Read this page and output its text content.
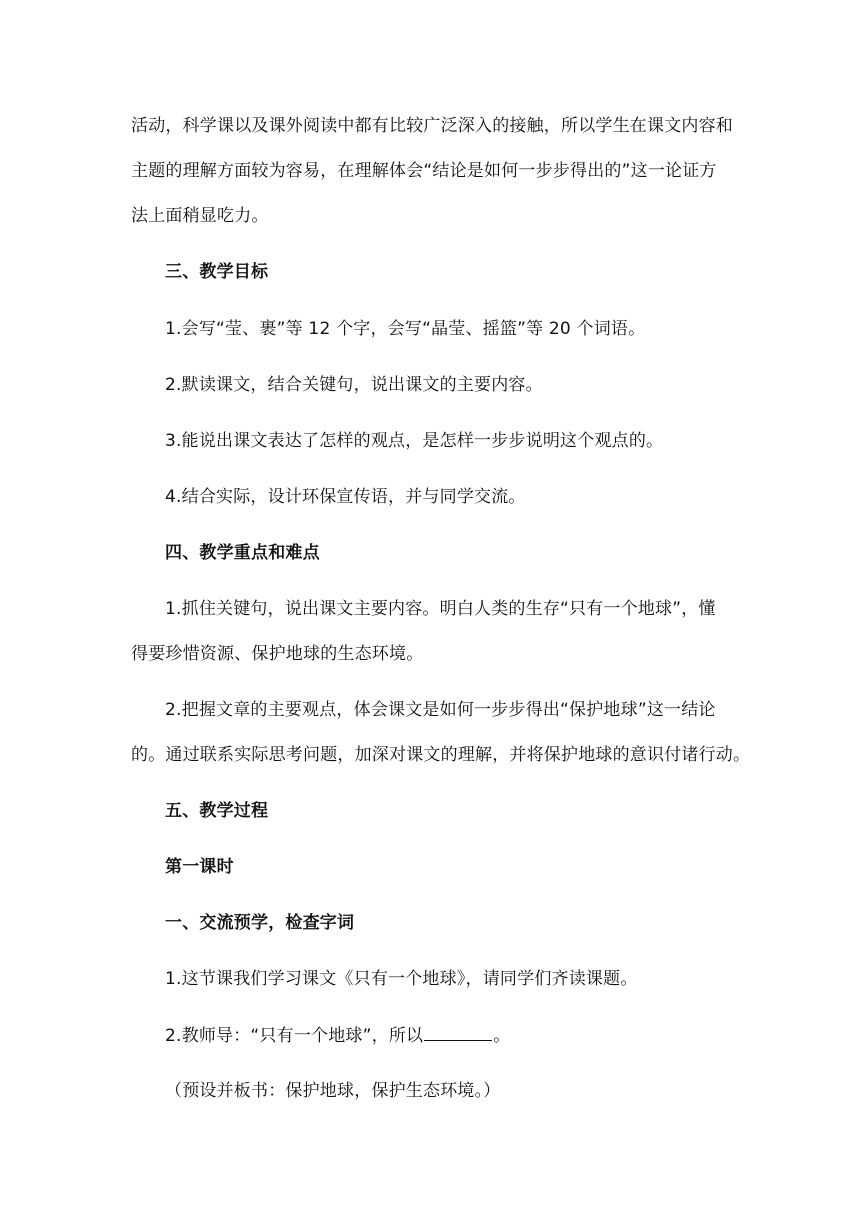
活动，科学课以及课外阅读中都有比较广泛深入的接触，所以学生在课文内容和
主题的理解方面较为容易，在理解体会“结论是如何一步步得出的”这一论证方
法上面稍显吃力。
三、教学目标
1.会写“莹、裹”等 12 个字，会写“晶莹、摇篮”等 20 个词语。
2.默读课文，结合关键句，说出课文的主要内容。
3.能说出课文表达了怎样的观点，是怎样一步步说明这个观点的。
4.结合实际，设计环保宣传语，并与同学交流。
四、教学重点和难点
1.抓住关键句，说出课文主要内容。明白人类的生存“只有一个地球”，懂
得要珍惜资源、保护地球的生态环境。
2.把握文章的主要观点，体会课文是如何一步步得出“保护地球”这一结论
的。通过联系实际思考问题，加深对课文的理解，并将保护地球的意识付诸行动。
五、教学过程
第一课时
一、交流预学，检查字词
1.这节课我们学习课文《只有一个地球》，请同学们齐读课题。
2.教师导：“只有一个地球”，所以	。
（预设并板书：保护地球，保护生态环境。）
